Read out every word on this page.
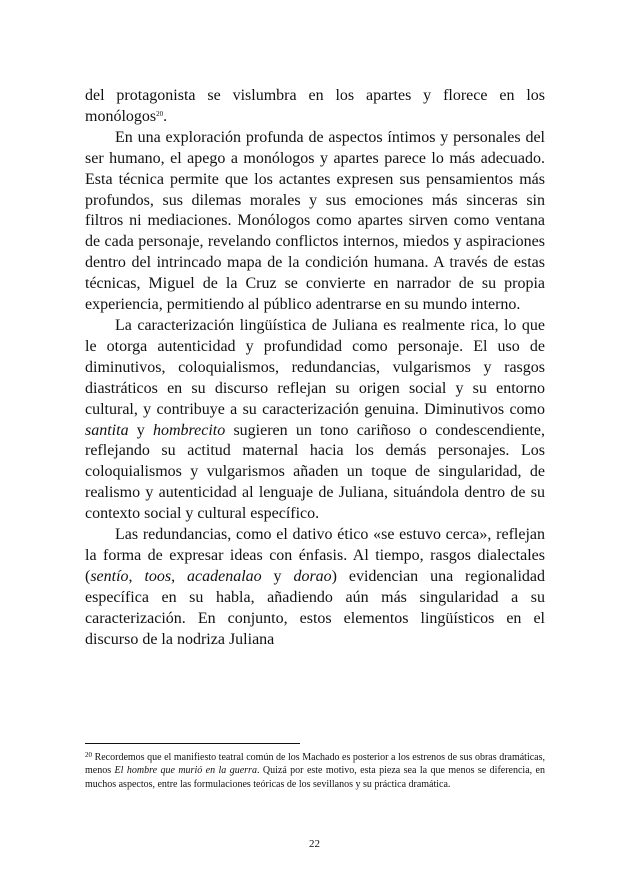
del protagonista se vislumbra en los apartes y florece en los monólogos$^{20}$.

En una exploración profunda de aspectos íntimos y personales del ser humano, el apego a monólogos y apartes parece lo más adecuado. Esta técnica permite que los actantes expresen sus pensamientos más profundos, sus dilemas morales y sus emociones más sinceras sin filtros ni mediaciones. Monólogos como apartes sirven como ventana de cada personaje, revelando conflictos internos, miedos y aspiraciones dentro del intrincado mapa de la condición humana. A través de estas técnicas, Miguel de la Cruz se convierte en narrador de su propia experiencia, permitiendo al público adentrarse en su mundo interno.

La caracterización lingüística de Juliana es realmente rica, lo que le otorga autenticidad y profundidad como personaje. El uso de diminutivos, coloquialismos, redundancias, vulgarismos y rasgos diastráticos en su discurso reflejan su origen social y su entorno cultural, y contribuye a su caracterización genuina. Diminutivos como santita y hombrecito sugieren un tono cariñoso o condescendiente, reflejando su actitud maternal hacia los demás personajes. Los coloquialismos y vulgarismos añaden un toque de singularidad, de realismo y autenticidad al lenguaje de Juliana, situándola dentro de su contexto social y cultural específico.

Las redundancias, como el dativo ético «se estuvo cerca», reflejan la forma de expresar ideas con énfasis. Al tiempo, rasgos dialectales (sentío, toos, acadenalao y dorao) evidencian una regionalidad específica en su habla, añadiendo aún más singularidad a su caracterización. En conjunto, estos elementos lingüísticos en el discurso de la nodriza Juliana

$^{20}$ Recordemos que el manifiesto teatral común de los Machado es posterior a los estrenos de sus obras dramáticas, menos El hombre que murió en la guerra. Quizá por este motivo, esta pieza sea la que menos se diferencia, en muchos aspectos, entre las formulaciones teóricas de los sevillanos y su práctica dramática.

22
